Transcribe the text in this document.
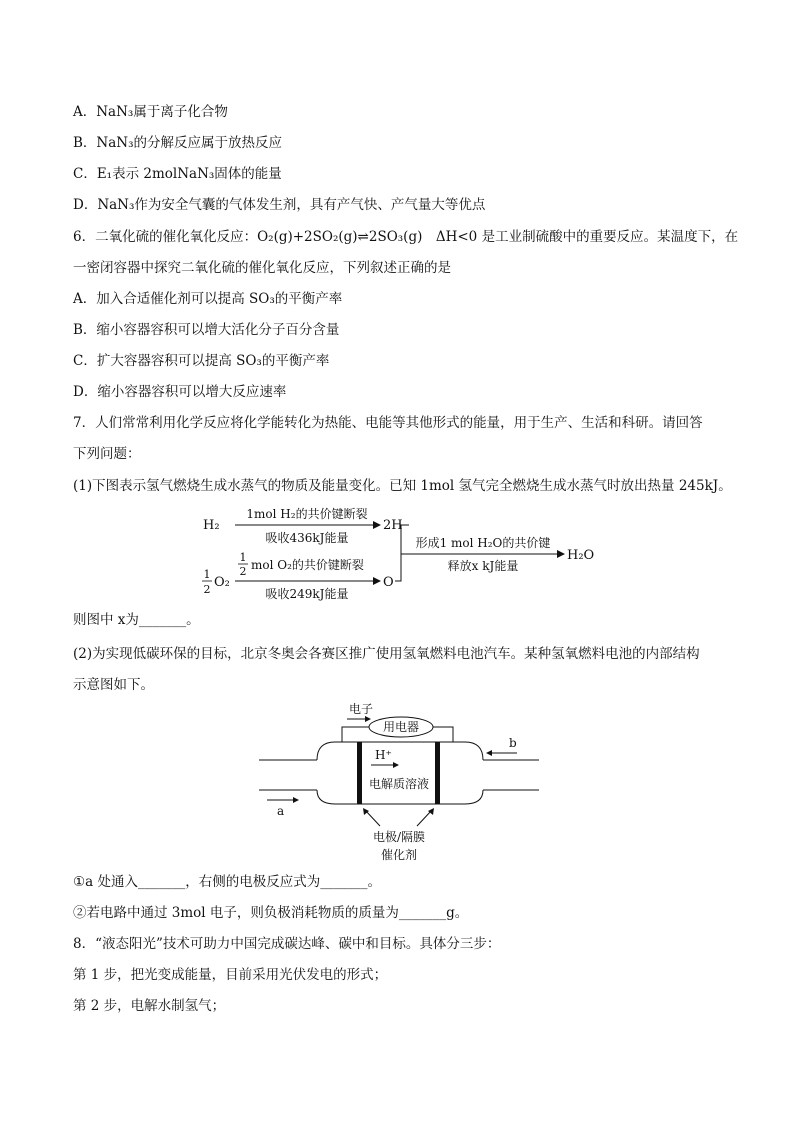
A．NaN₃属于离子化合物
B．NaN₃的分解反应属于放热反应
C．E₁表示 2molNaN₃固体的能量
D．NaN₃作为安全气囊的气体发生剂，具有产气快、产气量大等优点
6．二氧化硫的催化氧化反应：O₂(g)+2SO₂(g)⇌2SO₃(g)　ΔH<0 是工业制硫酸中的重要反应。某温度下，在
一密闭容器中探究二氧化硫的催化氧化反应，下列叙述正确的是
A．加入合适催化剂可以提高 SO₃的平衡产率
B．缩小容器容积可以增大活化分子百分含量
C．扩大容器容积可以提高 SO₃的平衡产率
D．缩小容器容积可以增大反应速率
7．人们常常利用化学反应将化学能转化为热能、电能等其他形式的能量，用于生产、生活和科研。请回答
下列问题：
(1)下图表示氢气燃烧生成水蒸气的物质及能量变化。已知 1mol 氢气完全燃烧生成水蒸气时放出热量 245kJ。
H₂
1mol H₂的共价键断裂
吸收436kJ能量
2H
1
2 O₂
1
2 mol O₂的共价键断裂
吸收249kJ能量
O
形成1 mol H₂O的共价键
释放x kJ能量
H₂O
则图中 x为_______。
(2)为实现低碳环保的目标，北京冬奥会各赛区推广使用氢氧燃料电池汽车。某种氢氧燃料电池的内部结构
示意图如下。
电子
用电器
H⁺
电解质溶液
a
b
电极/隔膜
催化剂
①a 处通入_______，右侧的电极反应式为_______。
②若电路中通过 3mol 电子，则负极消耗物质的质量为_______g。
8．“液态阳光”技术可助力中国完成碳达峰、碳中和目标。具体分三步：
第 1 步，把光变成能量，目前采用光伏发电的形式；
第 2 步，电解水制氢气；
